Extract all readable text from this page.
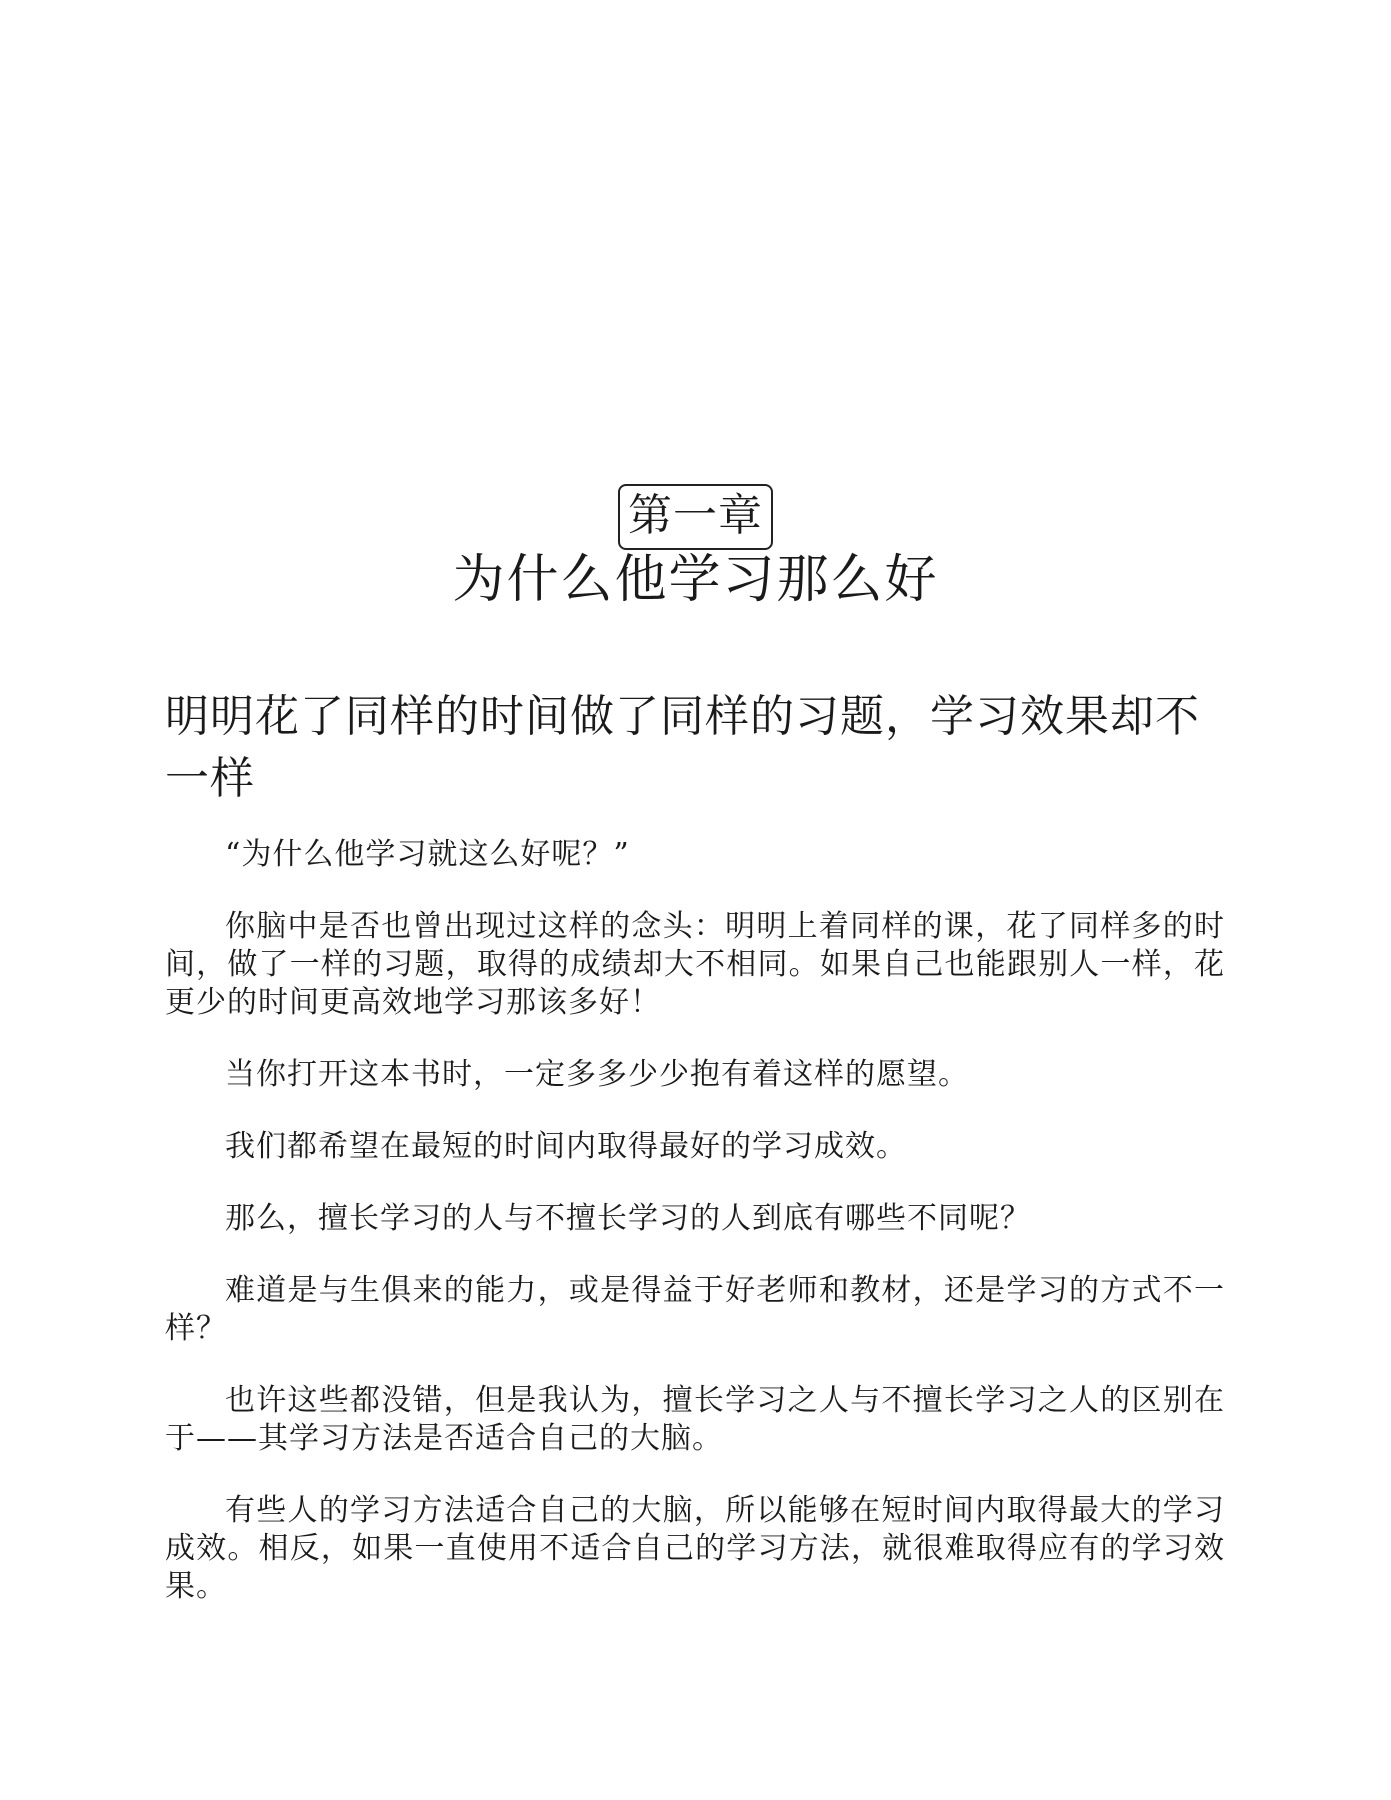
第一章
为什么他学习那么好
明明花了同样的时间做了同样的习题，学习效果却不一样

“为什么他学习就这么好呢？”

你脑中是否也曾出现过这样的念头：明明上着同样的课，花了同样多的时间，做了一样的习题，取得的成绩却大不相同。如果自己也能跟别人一样，花更少的时间更高效地学习那该多好！

当你打开这本书时，一定多多少少抱有着这样的愿望。

我们都希望在最短的时间内取得最好的学习成效。

那么，擅长学习的人与不擅长学习的人到底有哪些不同呢？

难道是与生俱来的能力，或是得益于好老师和教材，还是学习的方式不一样？

也许这些都没错，但是我认为，擅长学习之人与不擅长学习之人的区别在于——其学习方法是否适合自己的大脑。

有些人的学习方法适合自己的大脑，所以能够在短时间内取得最大的学习成效。相反，如果一直使用不适合自己的学习方法，就很难取得应有的学习效果。
